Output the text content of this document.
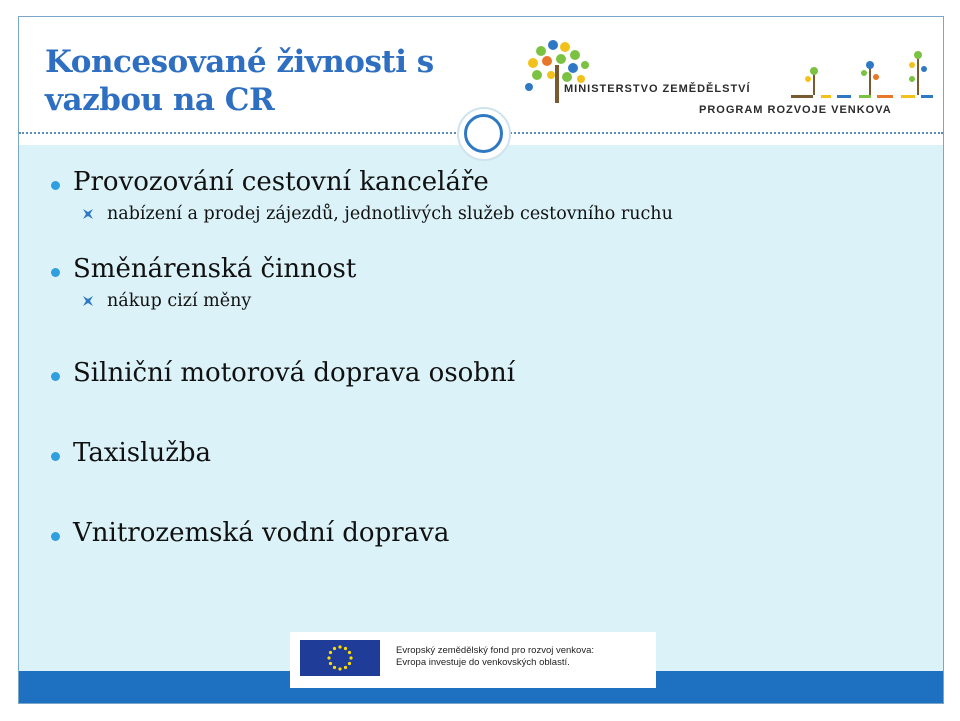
Koncesované živnosti s
vazbou na CR	MINISTERSTVO ZEMĚDĚLSTVÍ
PROGRAM ROZVOJE VENKOVA
Provozování cestovní kanceláře
nabízení a prodej zájezdů, jednotlivých služeb cestovního ruchu
Směnárenská činnost
nákup cizí měny
Silniční motorová doprava osobní
Taxislužba
Vnitrozemská vodní doprava
Evropský zemědělský fond pro rozvoj venkova:
Evropa investuje do venkovských oblastí.
